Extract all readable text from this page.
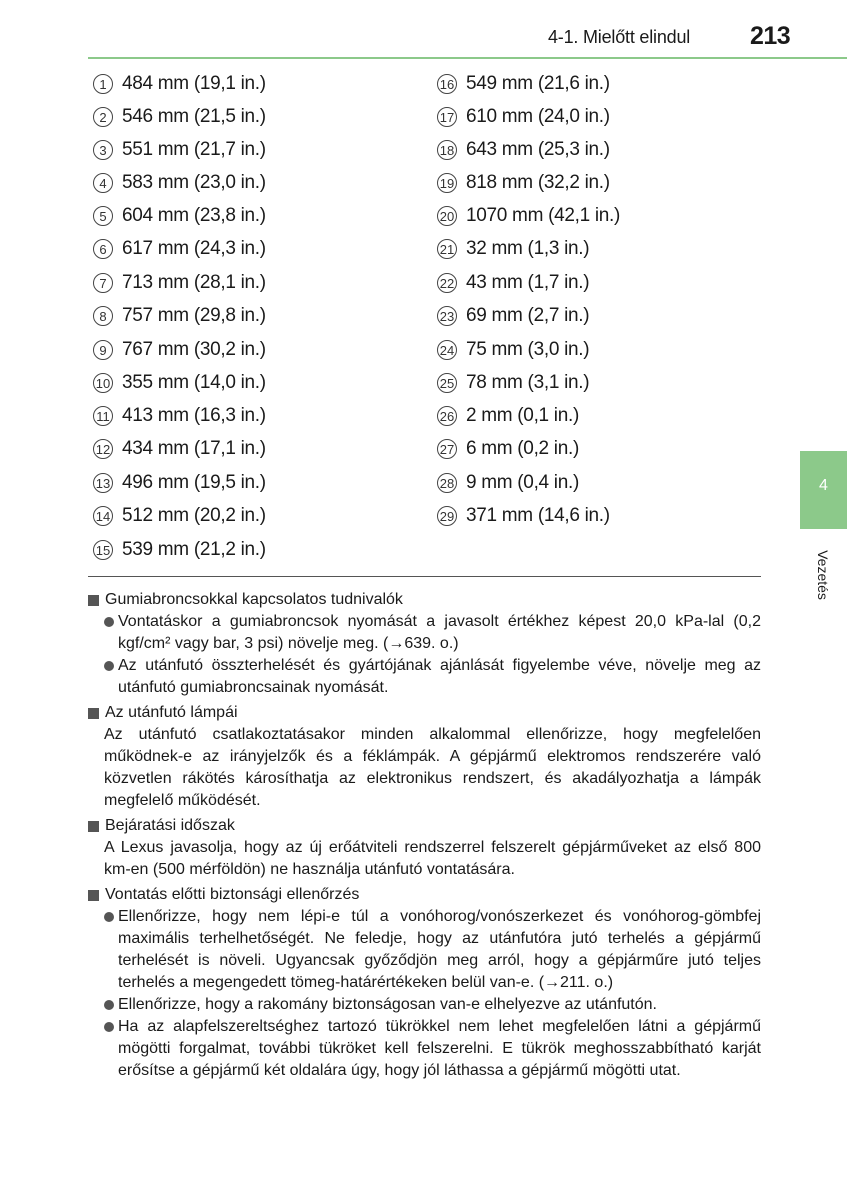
4-1. Mielőtt elindul 213
1 484 mm (19,1 in.)
2 546 mm (21,5 in.)
3 551 mm (21,7 in.)
4 583 mm (23,0 in.)
5 604 mm (23,8 in.)
6 617 mm (24,3 in.)
7 713 mm (28,1 in.)
8 757 mm (29,8 in.)
9 767 mm (30,2 in.)
10 355 mm (14,0 in.)
11 413 mm (16,3 in.)
12 434 mm (17,1 in.)
13 496 mm (19,5 in.)
14 512 mm (20,2 in.)
15 539 mm (21,2 in.)
16 549 mm (21,6 in.)
17 610 mm (24,0 in.)
18 643 mm (25,3 in.)
19 818 mm (32,2 in.)
20 1070 mm (42,1 in.)
21 32 mm (1,3 in.)
22 43 mm (1,7 in.)
23 69 mm (2,7 in.)
24 75 mm (3,0 in.)
25 78 mm (3,1 in.)
26 2 mm (0,1 in.)
27 6 mm (0,2 in.)
28 9 mm (0,4 in.)
29 371 mm (14,6 in.)
4
Vezetés
Gumiabroncsokkal kapcsolatos tudnivalók
Vontatáskor a gumiabroncsok nyomását a javasolt értékhez képest 20,0 kPa-lal (0,2 kgf/cm² vagy bar, 3 psi) növelje meg. (→639. o.)
Az utánfutó összterhelését és gyártójának ajánlását figyelembe véve, növelje meg az utánfutó gumiabroncsainak nyomását.
Az utánfutó lámpái
Az utánfutó csatlakoztatásakor minden alkalommal ellenőrizze, hogy megfelelően működnek-e az irányjelzők és a féklámpák. A gépjármű elektromos rendszerére való közvetlen rákötés károsíthatja az elektronikus rendszert, és akadályozhatja a lámpák megfelelő működését.
Bejáratási időszak
A Lexus javasolja, hogy az új erőátviteli rendszerrel felszerelt gépjárműveket az első 800 km-en (500 mérföldön) ne használja utánfutó vontatására.
Vontatás előtti biztonsági ellenőrzés
Ellenőrizze, hogy nem lépi-e túl a vonóhorog/vonószerkezet és vonóhorog-gömbfej maximális terhelhetőségét. Ne feledje, hogy az utánfutóra jutó terhelés a gépjármű terhelését is növeli. Ugyancsak győződjön meg arról, hogy a gépjárműre jutó teljes terhelés a megengedett tömeg-határértékeken belül van-e. (→211. o.)
Ellenőrizze, hogy a rakomány biztonságosan van-e elhelyezve az utánfutón.
Ha az alapfelszereltséghez tartozó tükrökkel nem lehet megfelelően látni a gépjármű mögötti forgalmat, további tükröket kell felszerelni. E tükrök meghosszabbítható karját erősítse a gépjármű két oldalára úgy, hogy jól láthassa a gépjármű mögötti utat.
